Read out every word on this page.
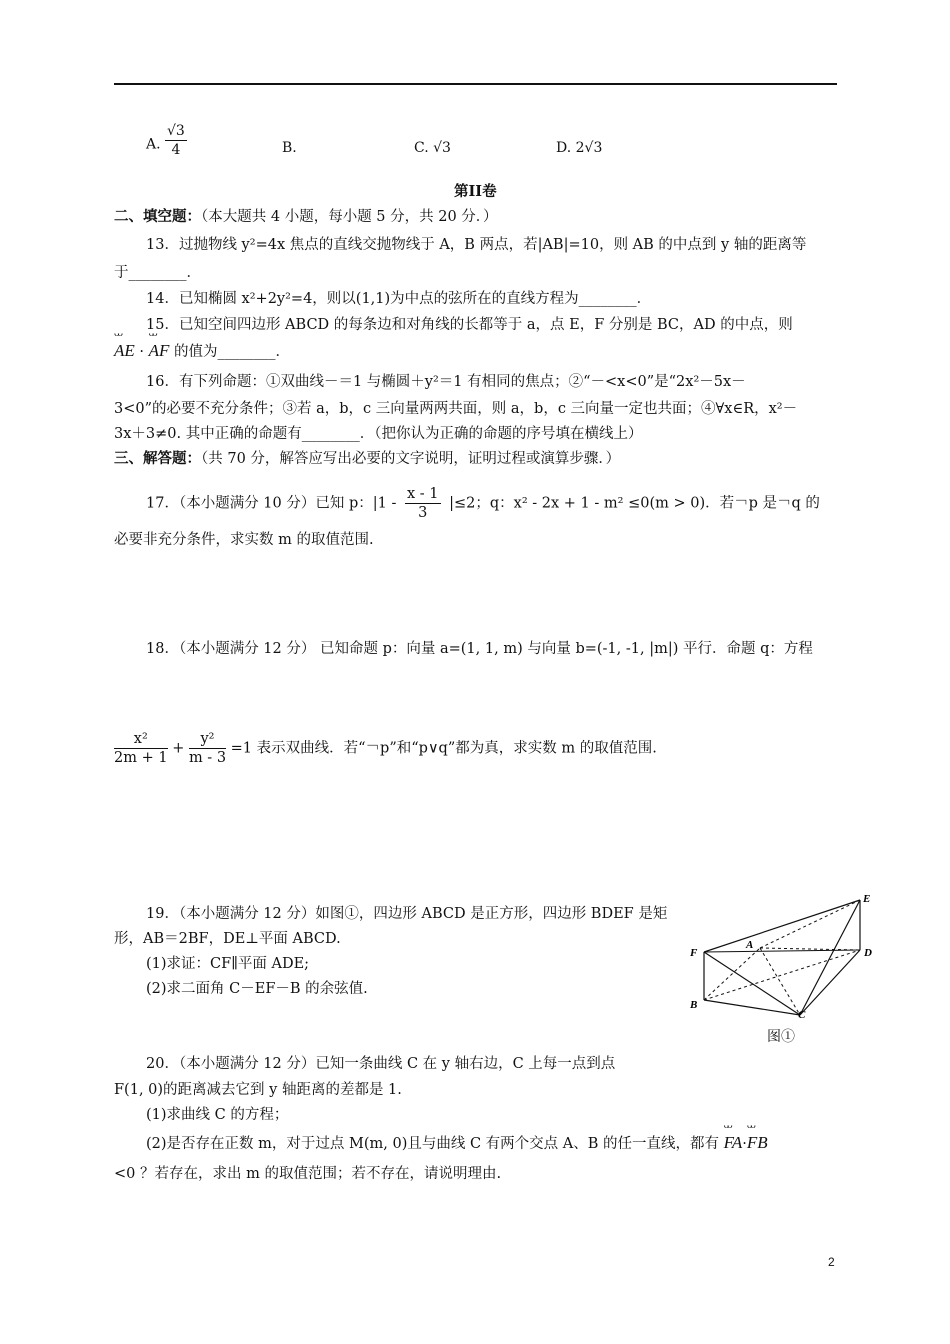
A. $\frac{√3}{4}$	B.	C. √3	D. 2√3
第II卷
二、填空题：（本大题共 4 小题，每小题 5 分，共 20 分．）
13．过抛物线 y²=4x 焦点的直线交抛物线于 A，B 两点，若|AB|=10，则 AB 的中点到 y 轴的距离等
于________．
14．已知椭圆 x²+2y²=4，则以(1,1)为中点的弦所在的直线方程为________．
15．已知空间四边形 ABCD 的每条边和对角线的长都等于 a，点 E，F 分别是 BC，AD 的中点，则
ᴗᴗ AE · ᴗᴗ AF 的值为________．
16．有下列命题：①双曲线－＝1 与椭圆＋y²＝1 有相同的焦点；②“－<x<0”是“2x²－5x－
3<0”的必要不充分条件；③若 a，b，c 三向量两两共面，则 a，b，c 三向量一定也共面；④∀x∈R，x²－
3x＋3≠0. 其中正确的命题有________．（把你认为正确的命题的序号填在横线上）
三、解答题：（共 70 分，解答应写出必要的文字说明，证明过程或演算步骤．）
17．（本小题满分 10 分）已知 p：$|1 - \frac{x - 1}{3} |\le 2$；q：x² - 2x + 1 - m² ≤0(m > 0)．若￢p 是￢q 的
必要非充分条件，求实数 m 的取值范围.
18．（本小题满分 12 分） 已知命题 p：向量 a=(1, 1, m) 与向量 b=(-1, -1, |m|) 平行．命题 q：方程
$\frac{\text{x²}}{2m + 1} + \frac{\text{y²}}{m - 3} =1$ 表示双曲线．若“￢p”和“p∨q”都为真，求实数 m 的取值范围.
19．（本小题满分 12 分）如图①，四边形 ABCD 是正方形，四边形 BDEF 是矩
形，AB＝2BF，DE⊥平面 ABCD.
(1)求证：CF∥平面 ADE;
(2)求二面角 C－EF－B 的余弦值.
E
A
D
F
B
C
图①
20．（本小题满分 12 分）已知一条曲线 C 在 y 轴右边，C 上每一点到点
F(1, 0)的距离减去它到 y 轴距离的差都是 1.
(1)求曲线 C 的方程；
(2)是否存在正数 m，对于过点 M(m, 0)且与曲线 C 有两个交点 A、B 的任一直线，都有 ᴗᴗ FA·ᴗᴗ FB
<0 ？若存在，求出 m 的取值范围；若不存在，请说明理由.
2
